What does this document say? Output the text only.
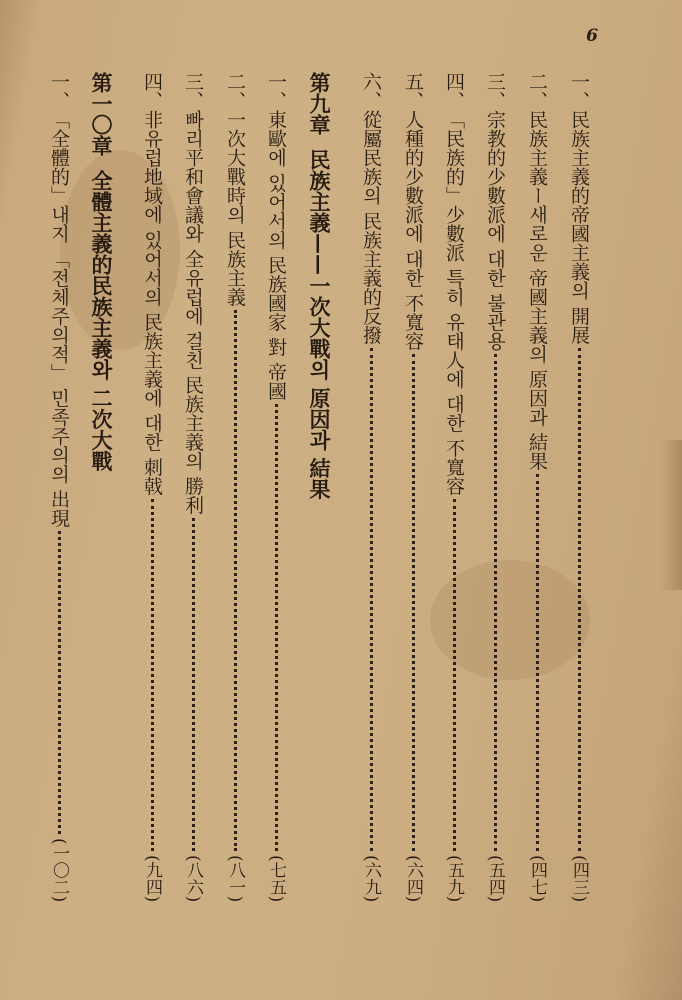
6
一、
民族主義的帝國主義의 開展
(四三)
二、
民族主義ー새로운 帝國主義의 原因과 結果
(四七)
三、
宗教的少數派에 대한 불관용
(五四)
四、
「民族的」少數派 특히 유태人에 대한 不寬容
(五九)
五、
人種的少數派에 대한 不寬容
(六四)
六、
從屬民族의 民族主義的反撥
(六九)
第九章
民族主義——一次大戰의 原因과 結果
一、
東歐에 있어서의 民族國家 對 帝國
(七五)
二、
一次大戰時의 民族主義
(八一)
三、
빠리平和會議와 全유럽에 걸친 民族主義의 勝利
(八六)
四、
非유럽地域에 있어서의 民族主義에 대한 刺戟
(九四)
第一〇章
全體主義的民族主義와 二次大戰
一、
「全體的」내지 「전체주의적」 민족주의의 出現
(一〇二)
